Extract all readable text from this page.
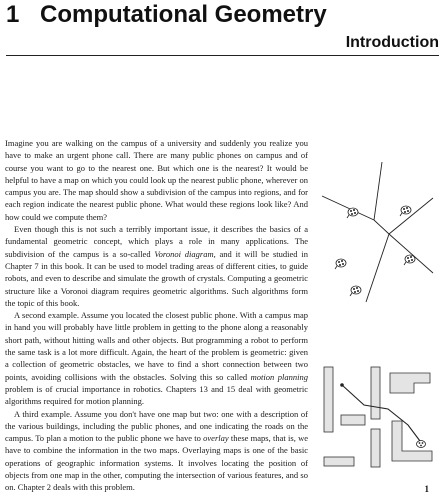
1 Computational Geometry
Introduction

Imagine you are walking on the campus of a university and suddenly you realize you have to make an urgent phone call. There are many public phones on campus and of course you want to go to the nearest one. But which one is the nearest? It would be helpful to have a map on which you could look up the nearest public phone, wherever on campus you are. The map should show a subdivision of the campus into regions, and for each region indicate the nearest public phone. What would these regions look like? And how could we compute them?

Even though this is not such a terribly important issue, it describes the basics of a fundamental geometric concept, which plays a role in many applications. The subdivision of the campus is a so-called Voronoi diagram, and it will be studied in Chapter 7 in this book. It can be used to model trading areas of different cities, to guide robots, and even to describe and simulate the growth of crystals. Computing a geometric structure like a Voronoi diagram requires geometric algorithms. Such algorithms form the topic of this book.

A second example. Assume you located the closest public phone. With a campus map in hand you will probably have little problem in getting to the phone along a reasonably short path, without hitting walls and other objects. But programming a robot to perform the same task is a lot more difficult. Again, the heart of the problem is geometric: given a collection of geometric obstacles, we have to find a short connection between two points, avoiding collisions with the obstacles. Solving this so called motion planning problem is of crucial importance in robotics. Chapters 13 and 15 deal with geometric algorithms required for motion planning.

A third example. Assume you don't have one map but two: one with a description of the various buildings, including the public phones, and one indicating the roads on the campus. To plan a motion to the public phone we have to overlay these maps, that is, we have to combine the information in the two maps. Overlaying maps is one of the basic operations of geographic information systems. It involves locating the position of objects from one map in the other, computing the intersection of various features, and so on. Chapter 2 deals with this problem.	1
